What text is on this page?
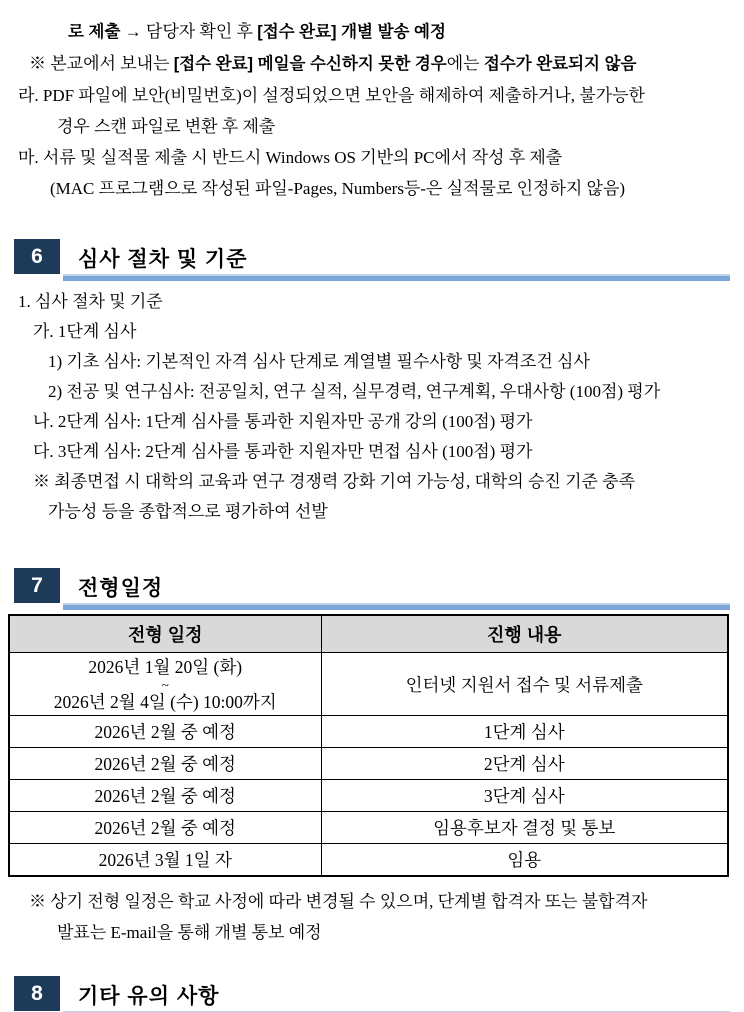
로 제출 → 담당자 확인 후 [접수 완료] 개별 발송 예정
※ 본교에서 보내는 [접수 완료] 메일을 수신하지 못한 경우에는 접수가 완료되지 않음
라. PDF 파일에 보안(비밀번호)이 설정되었으면 보안을 해제하여 제출하거나, 불가능한
경우 스캔 파일로 변환 후 제출
마. 서류 및 실적물 제출 시 반드시 Windows OS 기반의 PC에서 작성 후 제출
(MAC 프로그램으로 작성된 파일-Pages, Numbers등-은 실적물로 인정하지 않음)
6	심사 절차 및 기준
1. 심사 절차 및 기준
가. 1단계 심사
1) 기초 심사: 기본적인 자격 심사 단계로 계열별 필수사항 및 자격조건 심사
2) 전공 및 연구심사: 전공일치, 연구 실적, 실무경력, 연구계획, 우대사항 (100점) 평가
나. 2단계 심사: 1단계 심사를 통과한 지원자만 공개 강의 (100점) 평가
다. 3단계 심사: 2단계 심사를 통과한 지원자만 면접 심사 (100점) 평가
※ 최종면접 시 대학의 교육과 연구 경쟁력 강화 기여 가능성, 대학의 승진 기준 충족
가능성 등을 종합적으로 평가하여 선발
7	전형일정
전형 일정	진행 내용

2026년 1월 20일 (화)
~
2026년 2월 4일 (수) 10:00까지	인터넷 지원서 접수 및 서류제출
2026년 2월 중 예정	1단계 심사
2026년 2월 중 예정	2단계 심사
2026년 2월 중 예정	3단계 심사
2026년 2월 중 예정	임용후보자 결정 및 통보
2026년 3월 1일 자	임용
※ 상기 전형 일정은 학교 사정에 따라 변경될 수 있으며, 단계별 합격자 또는 불합격자
발표는 E-mail을 통해 개별 통보 예정
8	기타 유의 사항
